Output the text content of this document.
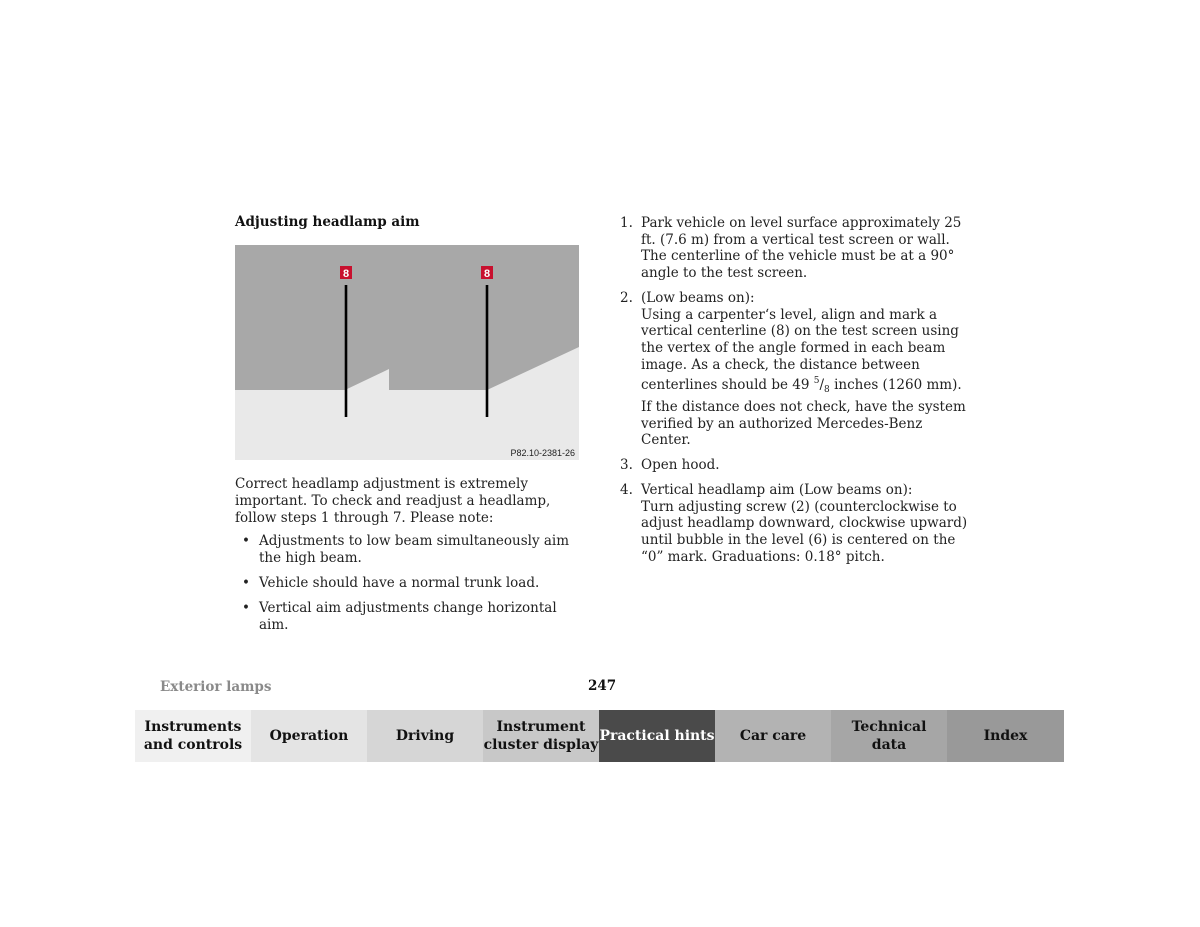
Adjusting headlamp aim
8	8
P82.10-2381-26

Correct headlamp adjustment is extremely important. To check and readjust a headlamp, follow steps 1 through 7. Please note:

• Adjustments to low beam simultaneously aim the high beam.
• Vehicle should have a normal trunk load.
• Vertical aim adjustments change horizontal aim.
1. Park vehicle on level surface approximately 25 ft. (7.6 m) from a vertical test screen or wall. The centerline of the vehicle must be at a 90° angle to the test screen.
2. (Low beams on):
Using a carpenter‘s level, align and mark a vertical centerline (8) on the test screen using the vertex of the angle formed in each beam image. As a check, the distance between centerlines should be 49 $^5/_8$ inches (1260 mm). If the distance does not check, have the system verified by an authorized Mercedes-Benz Center.
3. Open hood.
4. Vertical headlamp aim (Low beams on):
Turn adjusting screw (2) (counterclockwise to adjust headlamp downward, clockwise upward) until bubble in the level (6) is centered on the “0” mark. Graduations: 0.18° pitch.
Exterior lamps	247
Instruments
and controls
Operation	Driving
Instrument
cluster display
Practical hints	Car care
Technical
data
Index
